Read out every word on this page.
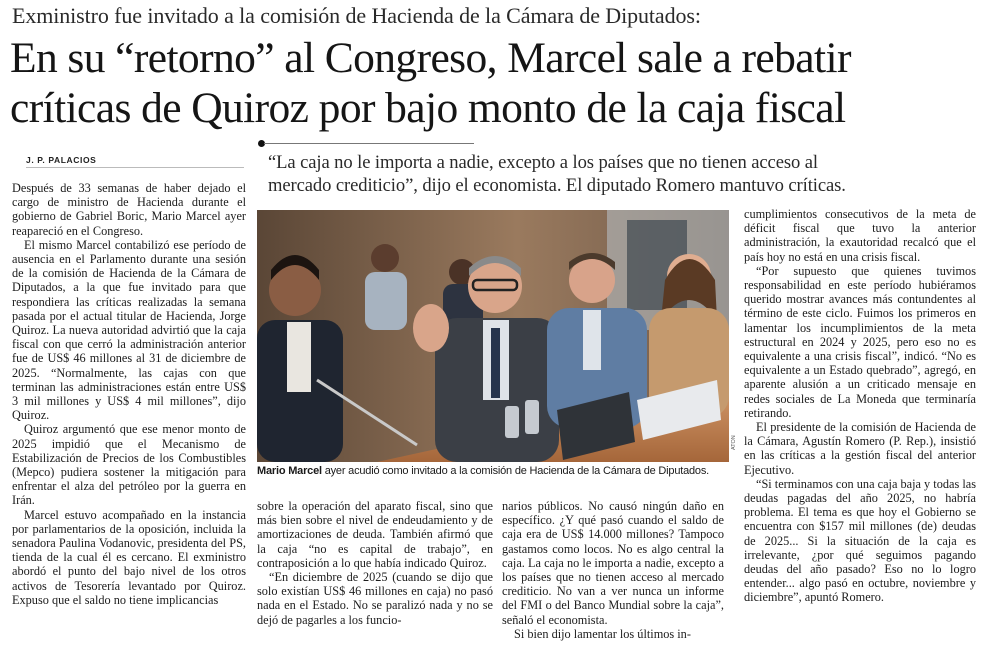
Exministro fue invitado a la comisión de Hacienda de la Cámara de Diputados:
En su “retorno” al Congreso, Marcel sale a rebatir
críticas de Quiroz por bajo monto de la caja fiscal
J. P. PALACIOS	“La caja no le importa a nadie, excepto a los países que no tienen acceso al
mercado crediticio”, dijo el economista. El diputado Romero mantuvo críticas.

Después de 33 semanas de haber dejado el cargo de ministro de Hacienda durante el gobierno de Gabriel Boric, Mario Marcel ayer reapareció en el Congreso.

El mismo Marcel contabilizó ese período de ausencia en el Parlamento durante una sesión de la comisión de Hacienda de la Cámara de Diputados, a la que fue invitado para que respondiera las críticas realizadas la semana pasada por el actual titular de Hacienda, Jorge Quiroz. La nueva autoridad advirtió que la caja fiscal con que cerró la administración anterior fue de US$ 46 millones al 31 de diciembre de 2025. “Normalmente, las cajas con que terminan las administraciones están entre US$ 3 mil millones y US$ 4 mil millones”, dijo Quiroz.

Quiroz argumentó que ese menor monto de 2025 impidió que el Mecanismo de Estabilización de Precios de los Combustibles (Mepco) pudiera sostener la mitigación para enfrentar el alza del petróleo por la guerra en Irán.

Marcel estuvo acompañado en la instancia por parlamentarios de la oposición, incluida la senadora Paulina Vodanovic, presidenta del PS, tienda de la cual él es cercano. El exministro abordó el punto del bajo nivel de los otros activos de Tesorería levantado por Quiroz. Expuso que el saldo no tiene implicancias

ATON
Mario Marcel ayer acudió como invitado a la comisión de Hacienda de la Cámara de Diputados.

sobre la operación del aparato fiscal, sino que más bien sobre el nivel de endeudamiento y de amortizaciones de deuda. También afirmó que la caja “no es capital de trabajo”, en contraposición a lo que había indicado Quiroz.

“En diciembre de 2025 (cuando se dijo que solo existían US$ 46 millones en caja) no pasó nada en el Estado. No se paralizó nada y no se dejó de pagarles a los funcio-

narios públicos. No causó ningún daño en específico. ¿Y qué pasó cuando el saldo de caja era de US$ 14.000 millones? Tampoco gastamos como locos. No es algo central la caja. La caja no le importa a nadie, excepto a los países que no tienen acceso al mercado crediticio. No van a ver nunca un informe del FMI o del Banco Mundial sobre la caja”, señaló el economista.

Si bien dijo lamentar los últimos in-

cumplimientos consecutivos de la meta de déficit fiscal que tuvo la anterior administración, la exautoridad recalcó que el país hoy no está en una crisis fiscal.

“Por supuesto que quienes tuvimos responsabilidad en este período hubiéramos querido mostrar avances más contundentes al término de este ciclo. Fuimos los primeros en lamentar los incumplimientos de la meta estructural en 2024 y 2025, pero eso no es equivalente a una crisis fiscal”, indicó. “No es equivalente a un Estado quebrado”, agregó, en aparente alusión a un criticado mensaje en redes sociales de La Moneda que terminaría retirando.

El presidente de la comisión de Hacienda de la Cámara, Agustín Romero (P. Rep.), insistió en las críticas a la gestión fiscal del anterior Ejecutivo.

“Si terminamos con una caja baja y todas las deudas pagadas del año 2025, no habría problema. El tema es que hoy el Gobierno se encuentra con $157 mil millones (de) deudas de 2025... Si la situación de la caja es irrelevante, ¿por qué seguimos pagando deudas del año pasado? Eso no lo logro entender... algo pasó en octubre, noviembre y diciembre”, apuntó Romero.
